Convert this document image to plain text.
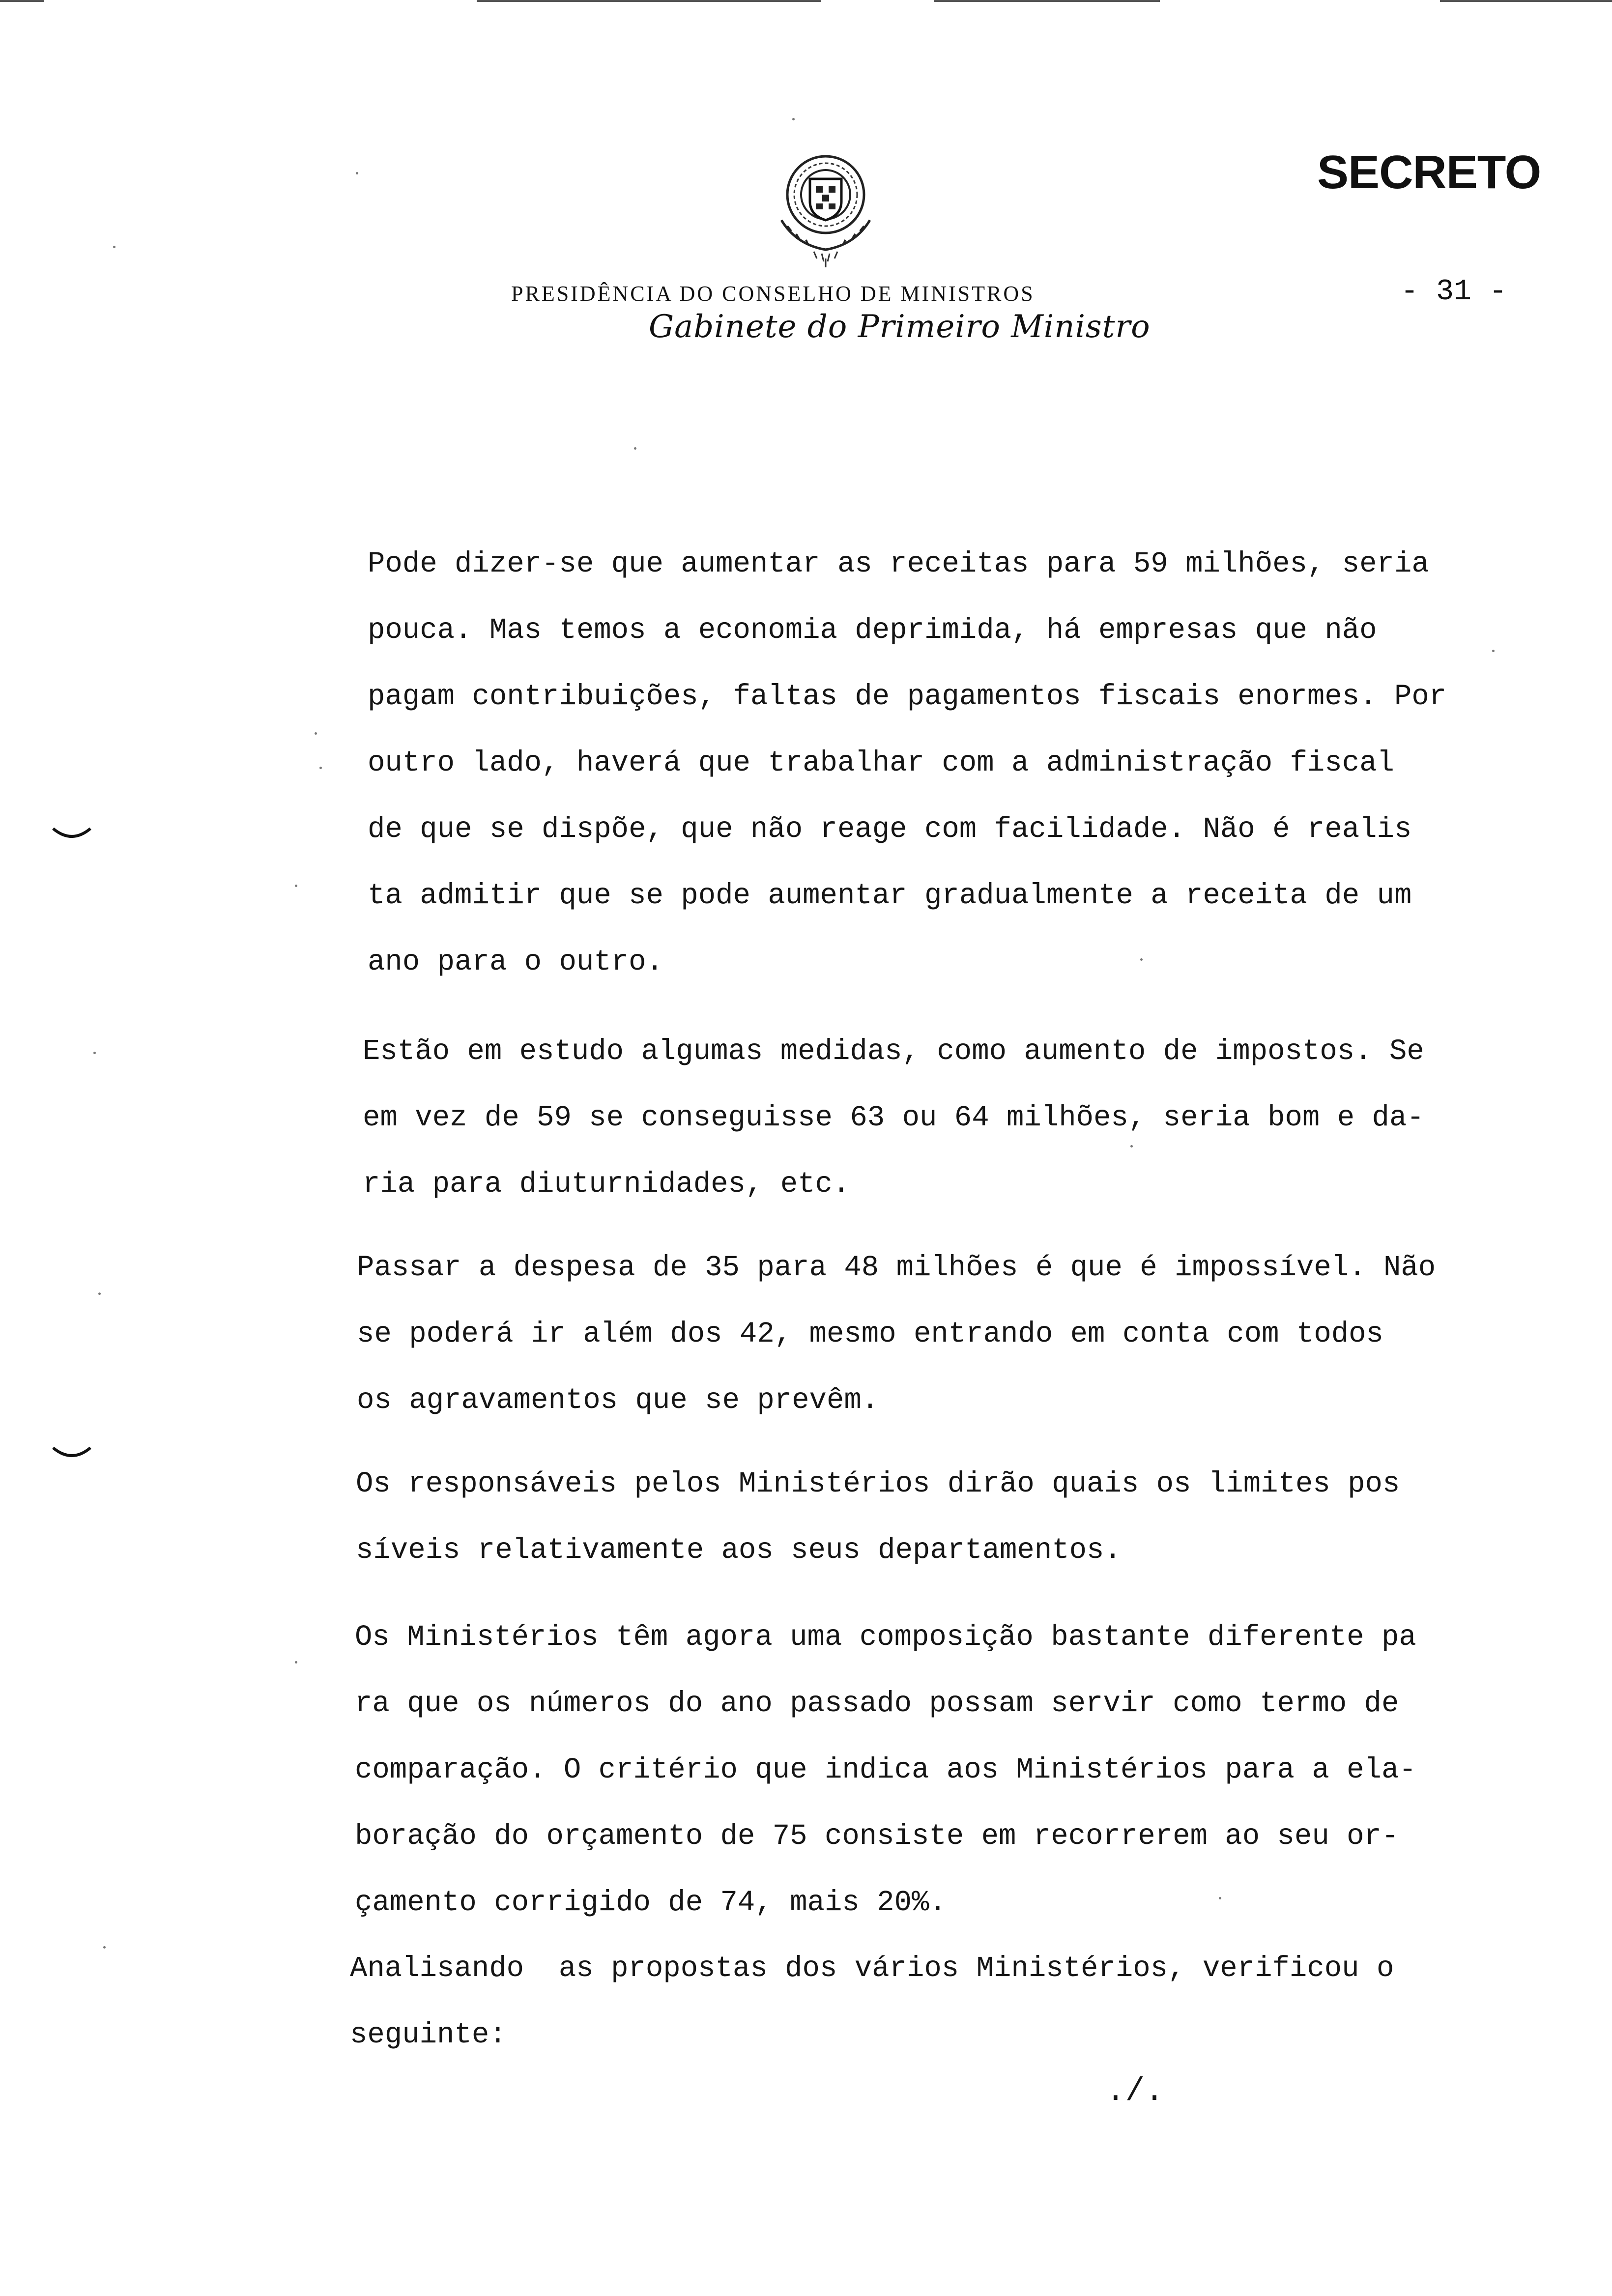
SECRETO
- 31 -
PRESIDÊNCIA DO CONSELHO DE MINISTROS
Gabinete do Primeiro Ministro

Pode dizer-se que aumentar as receitas para 59 milhões, seria
pouca. Mas temos a economia deprimida, há empresas que não
pagam contribuições, faltas de pagamentos fiscais enormes. Por
outro lado, haverá que trabalhar com a administração fiscal
de que se dispõe, que não reage com facilidade. Não é realis
ta admitir que se pode aumentar gradualmente a receita de um
ano para o outro.

Estão em estudo algumas medidas, como aumento de impostos. Se
em vez de 59 se conseguisse 63 ou 64 milhões, seria bom e da-
ria para diuturnidades, etc.

Passar a despesa de 35 para 48 milhões é que é impossível. Não
se poderá ir além dos 42, mesmo entrando em conta com todos
os agravamentos que se prevêm.

Os responsáveis pelos Ministérios dirão quais os limites pos
síveis relativamente aos seus departamentos.

Os Ministérios têm agora uma composição bastante diferente pa
ra que os números do ano passado possam servir como termo de
comparação. O critério que indica aos Ministérios para a ela-
boração do orçamento de 75 consiste em recorrerem ao seu or-
çamento corrigido de 74, mais 20%.

Analisando  as propostas dos vários Ministérios, verificou o
seguinte:

./.
